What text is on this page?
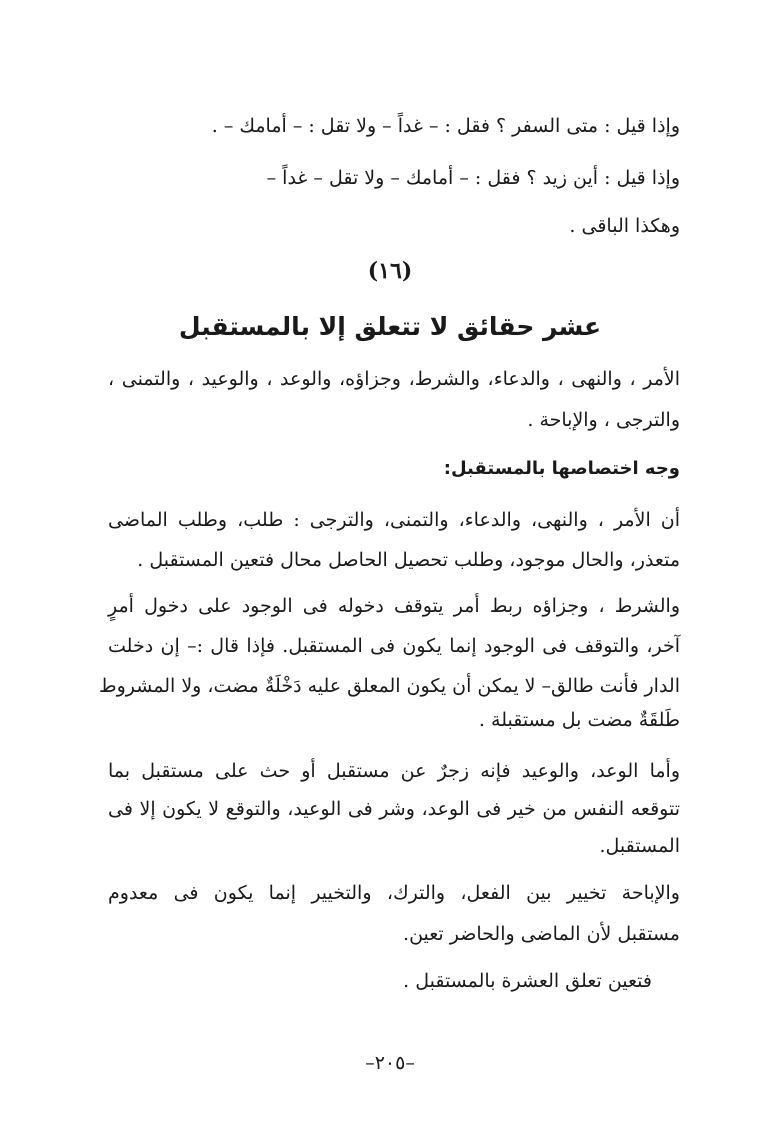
وإذا قيل : متى السفر ؟ فقل : – غداً – ولا تقل : – أمامك – .
وإذا قيل : أين زيد ؟ فقل : – أمامك – ولا تقل – غداً –
وهكذا الباقى .
(١٦)
عشر حقائق لا تتعلق إلا بالمستقبل
الأمر ، والنهى ، والدعاء، والشرط، وجزاؤه، والوعد ، والوعيد ، والتمنى ،
والترجى ، والإباحة .
وجه اختصاصها بالمستقبل:
أن الأمر ، والنهى، والدعاء، والتمنى، والترجى : طلب، وطلب الماضى
متعذر، والحال موجود، وطلب تحصيل الحاصل محال فتعين المستقبل .
والشرط ، وجزاؤه ربط أمر يتوقف دخوله فى الوجود على دخول أمرٍ
آخر، والتوقف فى الوجود إنما يكون فى المستقبل. فإذا قال :– إن دخلت
الدار فأنت طالق– لا يمكن أن يكون المعلق عليه دَخْلَةٌ مضت، ولا المشروط
طَلقَةٌ مضت بل مستقبلة .
وأما الوعد، والوعيد فإنه زجرٌ عن مستقبل أو حث على مستقبل بما
تتوقعه النفس من خير فى الوعد، وشر فى الوعيد، والتوقع لا يكون إلا فى
المستقبل.
والإباحة تخيير بين الفعل، والترك، والتخيير إنما يكون فى معدوم
مستقبل لأن الماضى والحاضر تعين.
فتعين تعلق العشرة بالمستقبل .
–٢٠٥–
